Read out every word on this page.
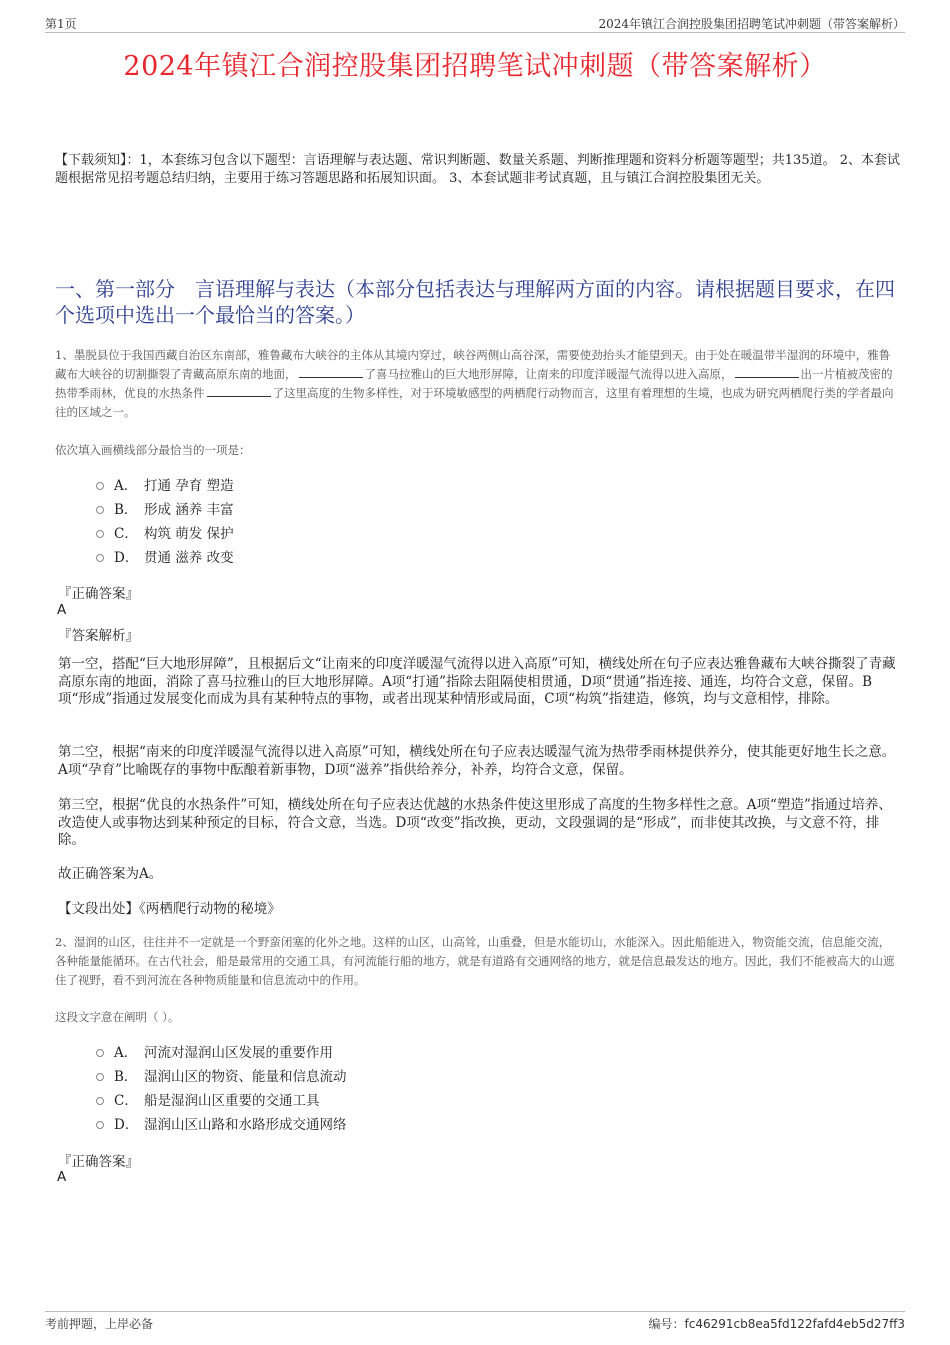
第1页	2024年镇江合润控股集团招聘笔试冲刺题（带答案解析）
2024年镇江合润控股集团招聘笔试冲刺题（带答案解析）
【下载须知】：1，本套练习包含以下题型：言语理解与表达题、常识判断题、数量关系题、判断推理题和资料分析题等题型；共135道。 2、本套试题根据常见招考题总结归纳，主要用于练习答题思路和拓展知识面。 3、本套试题非考试真题，且与镇江合润控股集团无关。
一、第一部分　言语理解与表达（本部分包括表达与理解两方面的内容。请根据题目要求，在四个选项中选出一个最恰当的答案。）
1、墨脱县位于我国西藏自治区东南部，雅鲁藏布大峡谷的主体从其境内穿过，峡谷两侧山高谷深，需要使劲抬头才能望到天。由于处在暖温带半湿润的环境中，雅鲁藏布大峡谷的切割撕裂了青藏高原东南的地面，	了喜马拉雅山的巨大地形屏障，让南来的印度洋暖湿气流得以进入高原，	出一片植被茂密的热带季雨林，优良的水热条件	了这里高度的生物多样性，对于环境敏感型的两栖爬行动物而言，这里有着理想的生境，也成为研究两栖爬行类的学者最向往的区域之一。
依次填入画横线部分最恰当的一项是：
A． 打通 孕育 塑造
B． 形成 涵养 丰富
C． 构筑 萌发 保护
D． 贯通 滋养 改变
『正确答案』
A
『答案解析』
第一空，搭配“巨大地形屏障”，且根据后文“让南来的印度洋暖湿气流得以进入高原”可知，横线处所在句子应表达雅鲁藏布大峡谷撕裂了青藏高原东南的地面，消除了喜马拉雅山的巨大地形屏障。A项“打通”指除去阻隔使相贯通，D项“贯通”指连接、通连，均符合文意，保留。B项“形成”指通过发展变化而成为具有某种特点的事物，或者出现某种情形或局面，C项“构筑”指建造，修筑，均与文意相悖，排除。
第二空，根据“南来的印度洋暖湿气流得以进入高原”可知，横线处所在句子应表达暖湿气流为热带季雨林提供养分，使其能更好地生长之意。A项“孕育”比喻既存的事物中酝酿着新事物，D项“滋养”指供给养分，补养，均符合文意，保留。
第三空，根据“优良的水热条件”可知，横线处所在句子应表达优越的水热条件使这里形成了高度的生物多样性之意。A项“塑造”指通过培养、改造使人或事物达到某种预定的目标，符合文意，当选。D项“改变”指改换，更动，文段强调的是“形成”，而非使其改换，与文意不符，排除。
故正确答案为A。
【文段出处】《两栖爬行动物的秘境》
2、湿润的山区，往往并不一定就是一个野蛮闭塞的化外之地。这样的山区，山高耸，山重叠，但是水能切山，水能深入。因此船能进入，物资能交流，信息能交流，各种能量能循环。在古代社会，船是最常用的交通工具，有河流能行船的地方，就是有道路有交通网络的地方，就是信息最发达的地方。因此，我们不能被高大的山遮住了视野，看不到河流在各种物质能量和信息流动中的作用。
这段文字意在阐明（ ）。
A． 河流对湿润山区发展的重要作用
B． 湿润山区的物资、能量和信息流动
C． 船是湿润山区重要的交通工具
D． 湿润山区山路和水路形成交通网络
『正确答案』
A
考前押题，上岸必备	编号：fc46291cb8ea5fd122fafd4eb5d27ff3
